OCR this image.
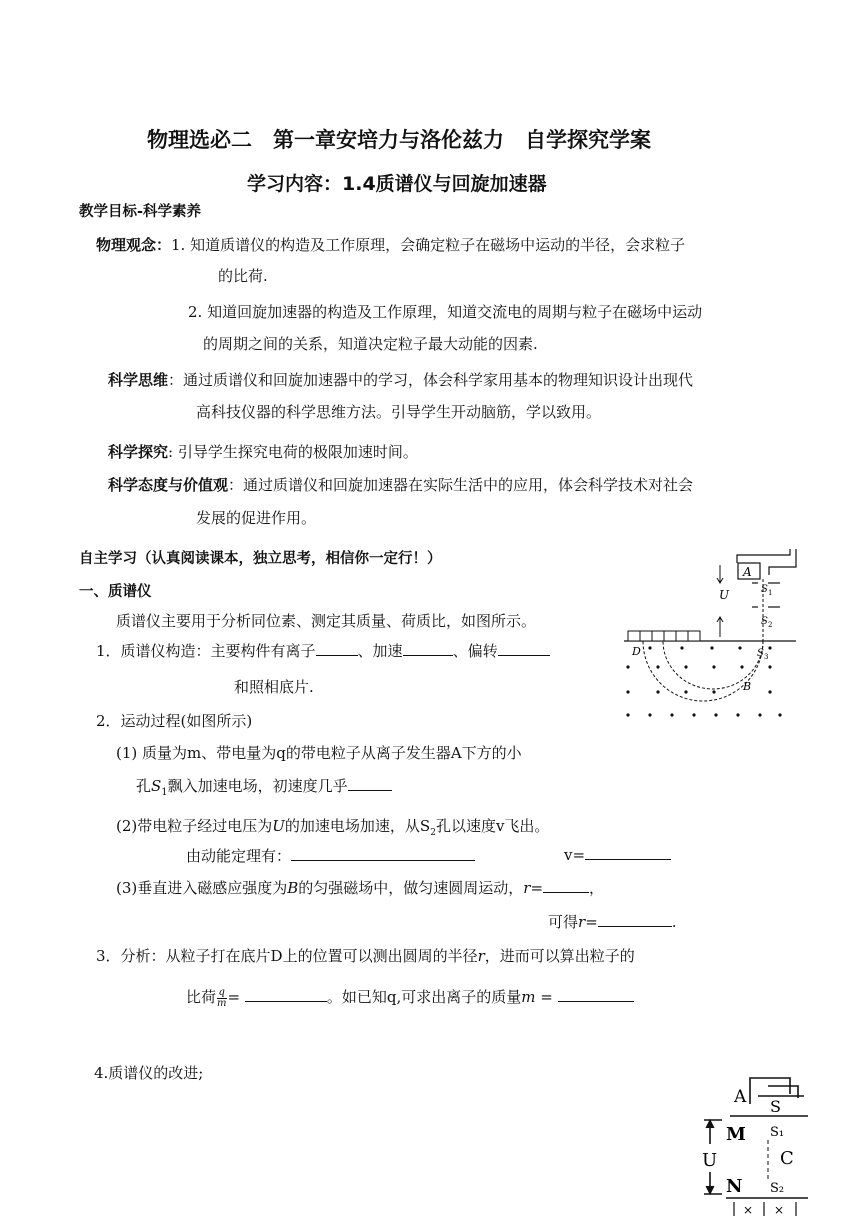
物理选必二　第一章安培力与洛伦兹力　自学探究学案
学习内容：1.4质谱仪与回旋加速器
教学目标-科学素养
物理观念：1. 知道质谱仪的构造及工作原理，会确定粒子在磁场中运动的半径，会求粒子
的比荷.
2. 知道回旋加速器的构造及工作原理，知道交流电的周期与粒子在磁场中运动
的周期之间的关系，知道决定粒子最大动能的因素.
科学思维：通过质谱仪和回旋加速器中的学习，体会科学家用基本的物理知识设计出现代
高科技仪器的科学思维方法。引导学生开动脑筋，学以致用。
科学探究: 引导学生探究电荷的极限加速时间。
科学态度与价值观：通过质谱仪和回旋加速器在实际生活中的应用，体会科学技术对社会
发展的促进作用。
自主学习（认真阅读课本，独立思考，相信你一定行！）
一、质谱仪
质谱仪主要用于分析同位素、测定其质量、荷质比，如图所示。
1．质谱仪构造：主要构件有离子	、加速	、偏转
和照相底片.
2．运动过程(如图所示)
(1) 质量为m、带电量为q的带电粒子从离子发生器A下方的小
孔$S_1$飘入加速电场，初速度几乎
(2)带电粒子经过电压为U的加速电场加速，从$S_2$孔以速度v飞出。
由动能定理有：	v=
(3)垂直进入磁感应强度为B的匀强磁场中，做匀速圆周运动，r=	，
可得r=	.
3．分析：从粒子打在底片D上的位置可以测出圆周的半径r，进而可以算出粒子的
比荷 $\frac{q}{m}$ =	。如已知q,可求出离子的质量m =
4.质谱仪的改进;
A
S 1
S 2
U
D	S 3
B
A S
M S₁
U	C
N S₂
× ×
